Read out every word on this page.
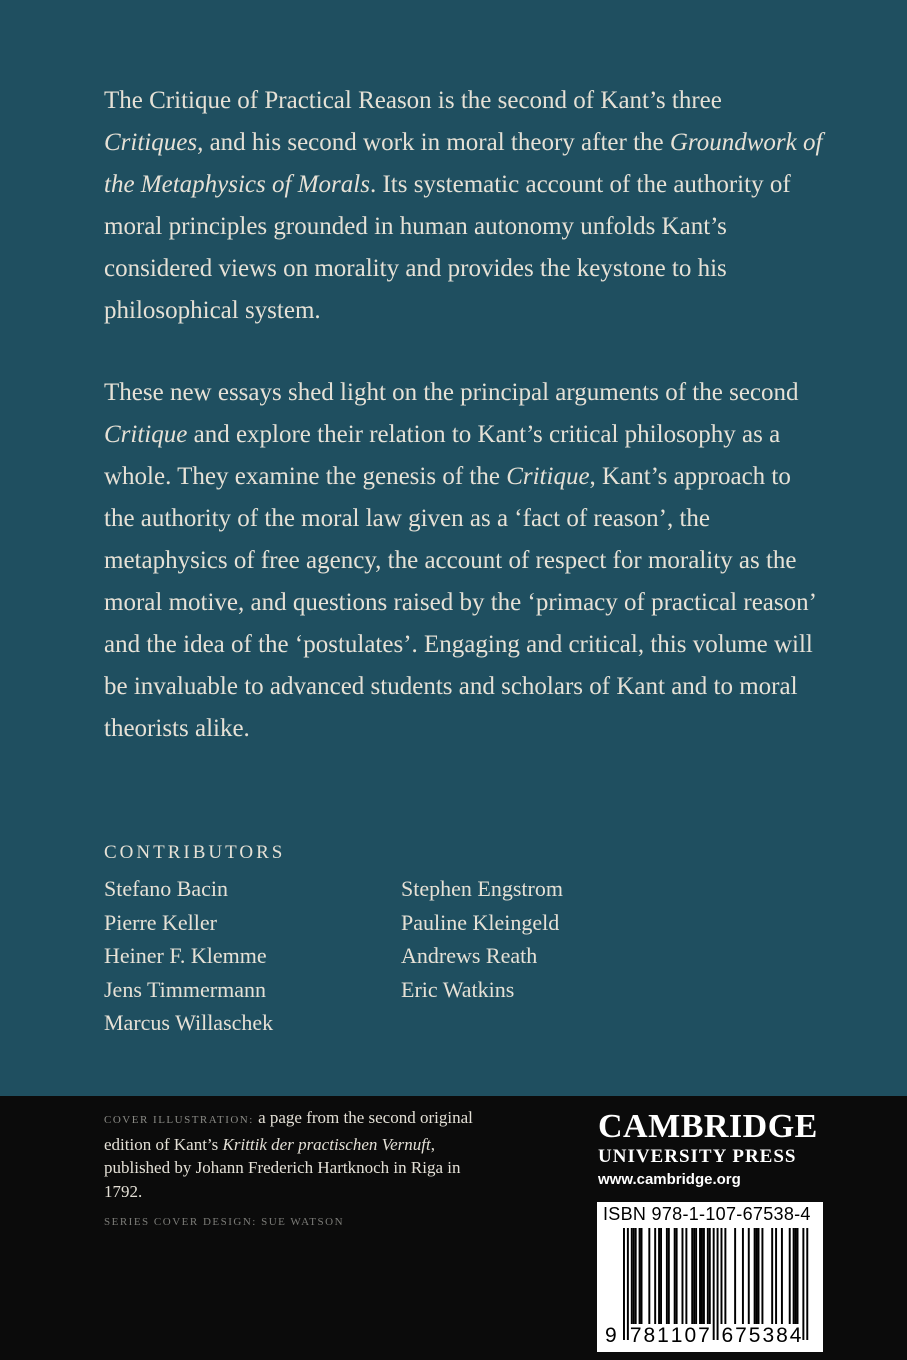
The Critique of Practical Reason is the second of Kant’s three Critiques, and his second work in moral theory after the Groundwork of the Metaphysics of Morals. Its systematic account of the authority of moral principles grounded in human autonomy unfolds Kant’s considered views on morality and provides the keystone to his philosophical system.

These new essays shed light on the principal arguments of the second Critique and explore their relation to Kant’s critical philosophy as a whole. They examine the genesis of the Critique, Kant’s approach to the authority of the moral law given as a ‘fact of reason’, the metaphysics of free agency, the account of respect for morality as the moral motive, and questions raised by the ‘primacy of practical reason’ and the idea of the ‘postulates’. Engaging and critical, this volume will be invaluable to advanced students and scholars of Kant and to moral theorists alike.

CONTRIBUTORS
Stefano Bacin
Pierre Keller
Heiner F. Klemme
Jens Timmermann
Marcus Willaschek
Stephen Engstrom
Pauline Kleingeld
Andrews Reath
Eric Watkins
COVER ILLUSTRATION: a page from the second original edition of Kant’s Krittik der practischen Vernuft, published by Johann Frederich Hartknoch in Riga in 1792.
SERIES COVER DESIGN: SUE WATSON
CAMBRIDGE
UNIVERSITY PRESS
www.cambridge.org
ISBN 978-1-107-67538-4
9 7 8 1 1 0 7 6 7 5 3 8 4
